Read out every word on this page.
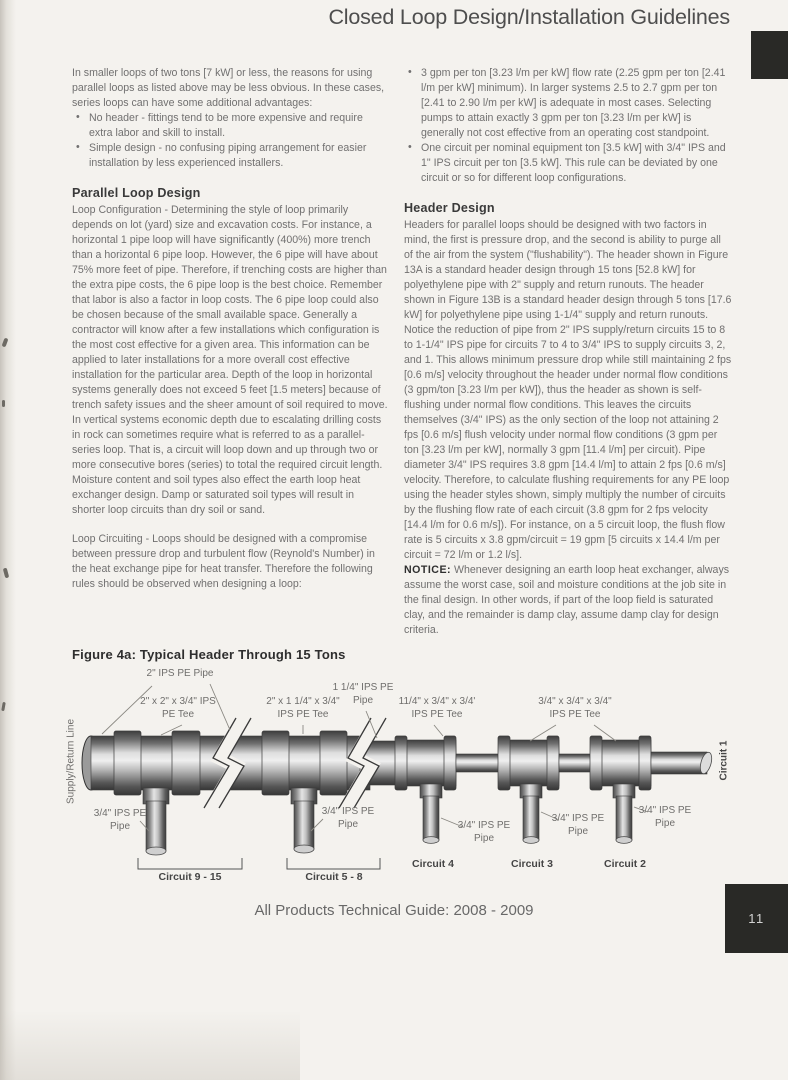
Closed Loop Design/Installation Guidelines

In smaller loops of two tons [7 kW] or less, the reasons for using parallel loops as listed above may be less obvious. In these cases, series loops can have some additional advantages:

• No header - fittings tend to be more expensive and require extra labor and skill to install.
• Simple design - no confusing piping arrangement for easier installation by less experienced installers.
Parallel Loop Design

Loop Configuration - Determining the style of loop primarily depends on lot (yard) size and excavation costs. For instance, a horizontal 1 pipe loop will have significantly (400%) more trench than a horizontal 6 pipe loop. However, the 6 pipe will have about 75% more feet of pipe. Therefore, if trenching costs are higher than the extra pipe costs, the 6 pipe loop is the best choice. Remember that labor is also a factor in loop costs. The 6 pipe loop could also be chosen because of the small available space. Generally a contractor will know after a few installations which configuration is the most cost effective for a given area. This information can be applied to later installations for a more overall cost effective installation for the particular area. Depth of the loop in horizontal systems generally does not exceed 5 feet [1.5 meters] because of trench safety issues and the sheer amount of soil required to move. In vertical systems economic depth due to escalating drilling costs in rock can sometimes require what is referred to as a parallel-series loop. That is, a circuit will loop down and up through two or more consecutive bores (series) to total the required circuit length. Moisture content and soil types also effect the earth loop heat exchanger design. Damp or saturated soil types will result in shorter loop circuits than dry soil or sand.

Loop Circuiting - Loops should be designed with a compromise between pressure drop and turbulent flow (Reynold's Number) in the heat exchange pipe for heat transfer. Therefore the following rules should be observed when designing a loop:

• 3 gpm per ton [3.23 l/m per kW] flow rate (2.25 gpm per ton [2.41 l/m per kW] minimum). In larger systems 2.5 to 2.7 gpm per ton [2.41 to 2.90 l/m per kW] is adequate in most cases. Selecting pumps to attain exactly 3 gpm per ton [3.23 l/m per kW] is generally not cost effective from an operating cost standpoint.
• One circuit per nominal equipment ton [3.5 kW] with 3/4" IPS and 1" IPS circuit per ton [3.5 kW]. This rule can be deviated by one circuit or so for different loop configurations.
Header Design

Headers for parallel loops should be designed with two factors in mind, the first is pressure drop, and the second is ability to purge all of the air from the system ("flushability"). The header shown in Figure 13A is a standard header design through 15 tons [52.8 kW] for polyethylene pipe with 2" supply and return runouts. The header shown in Figure 13B is a standard header design through 5 tons [17.6 kW] for polyethylene pipe using 1-1/4" supply and return runouts. Notice the reduction of pipe from 2" IPS supply/return circuits 15 to 8 to 1-1/4" IPS pipe for circuits 7 to 4 to 3/4" IPS to supply circuits 3, 2, and 1. This allows minimum pressure drop while still maintaining 2 fps [0.6 m/s] velocity throughout the header under normal flow conditions (3 gpm/ton [3.23 l/m per kW]), thus the header as shown is self-flushing under normal flow conditions. This leaves the circuits themselves (3/4" IPS) as the only section of the loop not attaining 2 fps [0.6 m/s] flush velocity under normal flow conditions (3 gpm per ton [3.23 l/m per kW], normally 3 gpm [11.4 l/m] per circuit). Pipe diameter 3/4" IPS requires 3.8 gpm [14.4 l/m] to attain 2 fps [0.6 m/s] velocity. Therefore, to calculate flushing requirements for any PE loop using the header styles shown, simply multiply the number of circuits by the flushing flow rate of each circuit (3.8 gpm for 2 fps velocity [14.4 l/m for 0.6 m/s]). For instance, on a 5 circuit loop, the flush flow rate is 5 circuits x 3.8 gpm/circuit = 19 gpm [5 circuits x 14.4 l/m per circuit = 72 l/m or 1.2 l/s].

NOTICE: Whenever designing an earth loop heat exchanger, always assume the worst case, soil and moisture conditions at the job site in the final design. In other words, if part of the loop field is saturated clay, and the remainder is damp clay, assume damp clay for design criteria.

Figure 4a: Typical Header Through 15 Tons
Supply/Return Line	Circuit 1
2" IPS PE Pipe
2" x 2" x 3/4" IPS
PE Tee
2" x 1 1/4" x 3/4"
IPS PE Tee
1 1/4" IPS PE
Pipe	11/4" x 3/4" x 3/4'
IPS PE Tee
3/4" x 3/4" x 3/4"
IPS PE Tee
3/4" IPS PE
Pipe
3/4" IPS PE
Pipe	3/4" IPS PE
Pipe
3/4" IPS PE
Pipe
3/4" IPS PE
Pipe
Circuit 9 - 15	Circuit 5 - 8
Circuit 4	Circuit 3	Circuit 2
All Products Technical Guide: 2008 - 2009	11
